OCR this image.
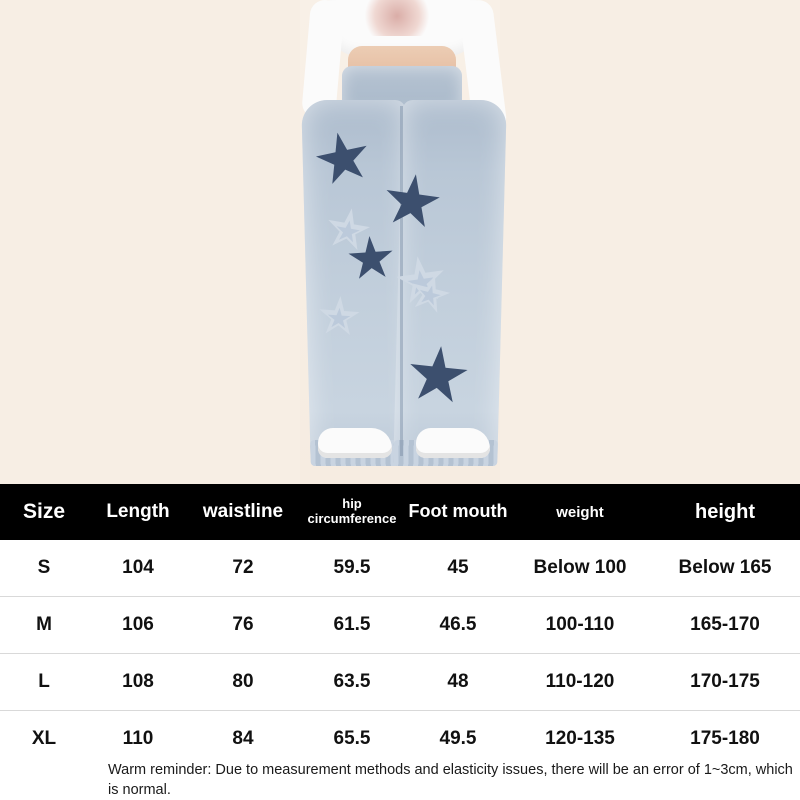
Size	Length	waistline	hip circumference	Foot mouth	weight	height
S	104	72	59.5	45	Below 100	Below 165
M	106	76	61.5	46.5	100-110	165-170
L	108	80	63.5	48	110-120	170-175
XL	110	84	65.5	49.5	120-135	175-180
Warm reminder: Due to measurement methods and elasticity issues, there will be an error of 1~3cm, which is normal.
